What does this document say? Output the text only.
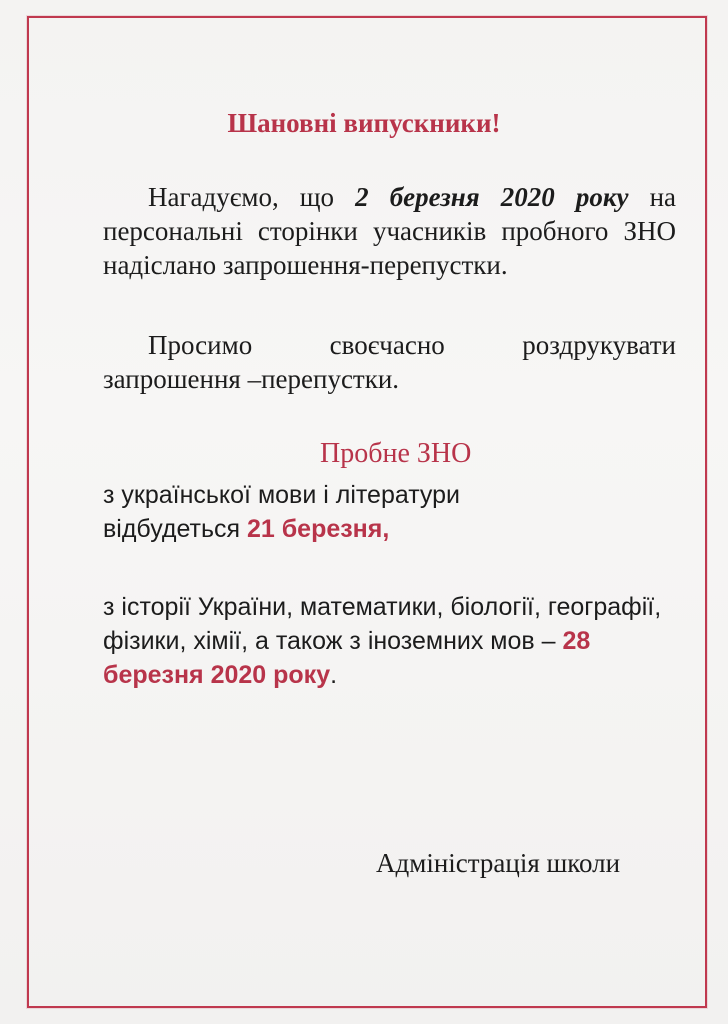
Шановні випускники!
Нагадуємо, що 2 березня 2020 року на персональні сторінки учасників пробного ЗНО надіслано запрошення-перепустки.
Просимо своєчасно роздрукувати запрошення –перепустки.
Пробне ЗНО
з української мови і літератури
відбудеться 21 березня,
з історії України, математики, біології, географії, фізики, хімії, а також з іноземних мов – 28 березня 2020 року.
Адміністрація школи
